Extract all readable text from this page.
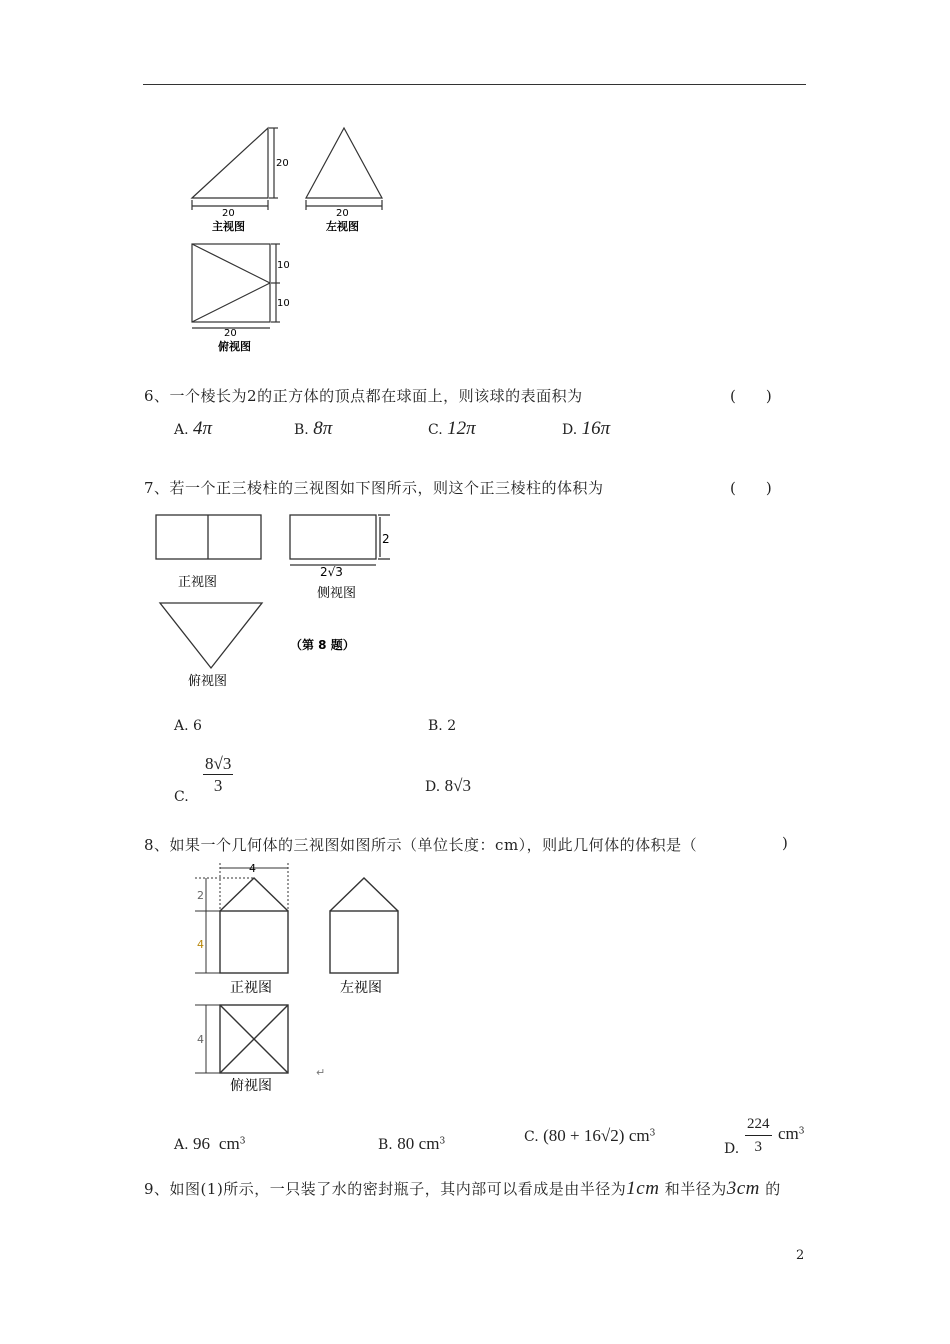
20
20
主视图
20
左视图
10
10
20
俯视图
6、一个棱长为2的正方体的顶点都在球面上，则该球的表面积为	(　　)
A. 4π	B. 8π	C. 12π	D. 16π
7、若一个正三棱柱的三视图如下图所示，则这个正三棱柱的体积为	(　　)
2
2√3
正视图
侧视图
（第 8 题）
俯视图
A. 6	B. 2
C. $\frac{8√3}{3}$	D. 8√3
8、如果一个几何体的三视图如图所示（单位长度：cm），则此几何体的体积是（	)
4
2
4
4
正视图	左视图
俯视图
↵
A. 96 $cm^3$	B. 80 $cm^3$	C. (80 + 16√2) $cm^3$
D. $\frac{224}{3} cm^3$
9、如图(1)所示，一只装了水的密封瓶子，其内部可以看成是由半径为1cm 和半径为3cm 的
2
